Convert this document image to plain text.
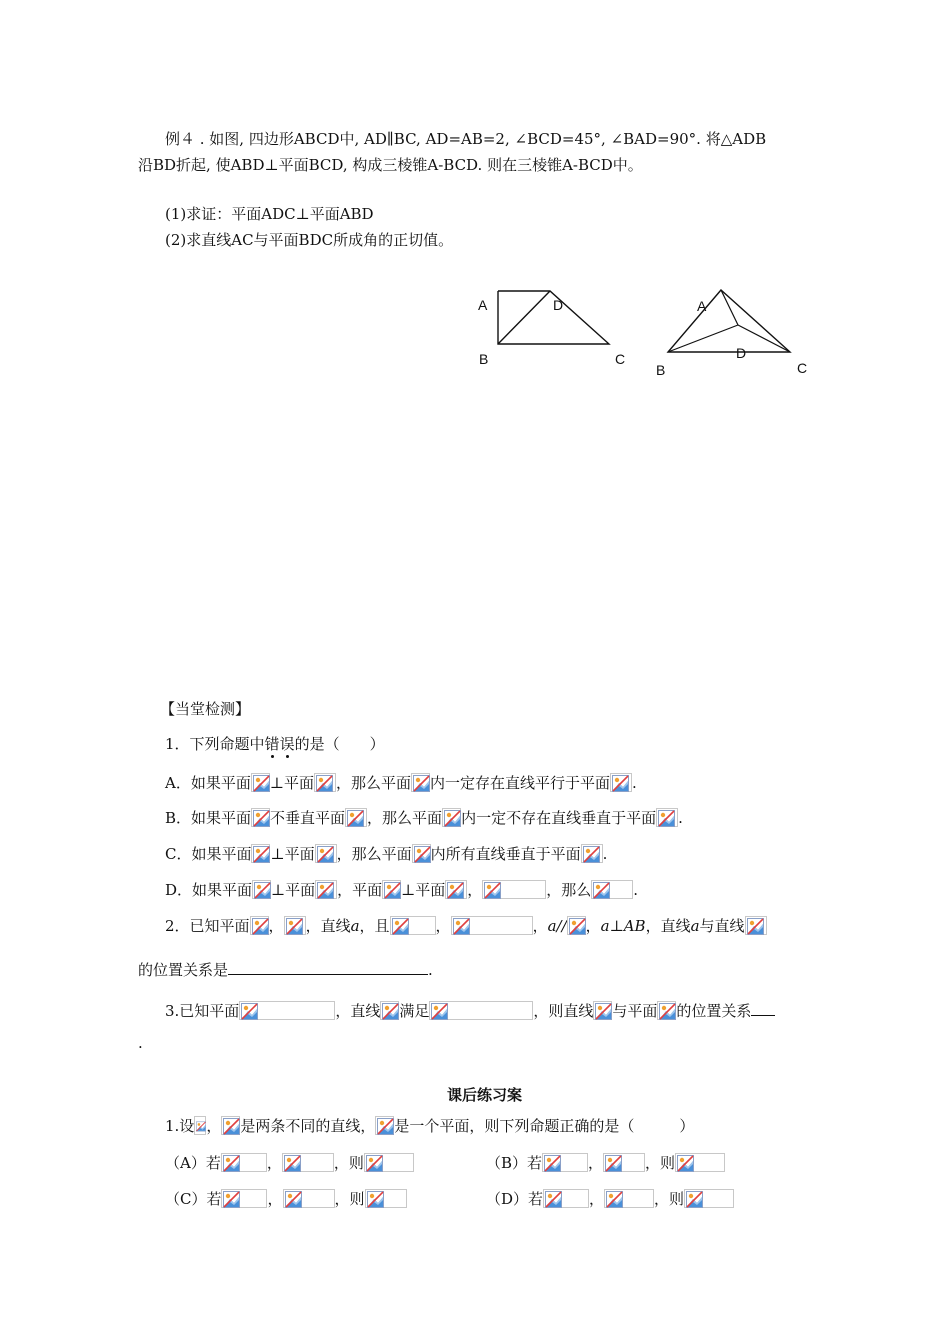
例４ . 如图, 四边形ABCD中, AD∥BC, AD=AB=2, ∠BCD=45°, ∠BAD=90°. 将△ADB
沿BD折起, 使ABD⊥平面BCD, 构成三棱锥A-BCD. 则在三棱锥A-BCD中。
(1)求证：平面ADC⊥平面ABD
(2)求直线AC与平面BDC所成角的正切值。
A	D
B	C
A
D
B	C
【当堂检测】
1．下列命题中错误的是（　　）
A．如果平面 ⊥平面 ，那么平面 内一定存在直线平行于平面 .
B．如果平面 不垂直平面 ，那么平面 内一定不存在直线垂直于平面 .
C．如果平面 ⊥平面 ，那么平面 内所有直线垂直于平面 .
D．如果平面 ⊥平面 ，平面 ⊥平面 ，	，那么	.
2．已知平面 ， ，直线a，且	，	，a// ，a⊥AB，直线a与直线
的位置关系是	.
3.已知平面	，直线 满足	，则直线 与平面 的位置关系
.
课后练习案
1.设 ， 是两条不同的直线， 是一个平面，则下列命题正确的是（　　　）
（A）若	，	，则	（B）若	，	，则
（C）若	，	，则	（D）若	，	，则
